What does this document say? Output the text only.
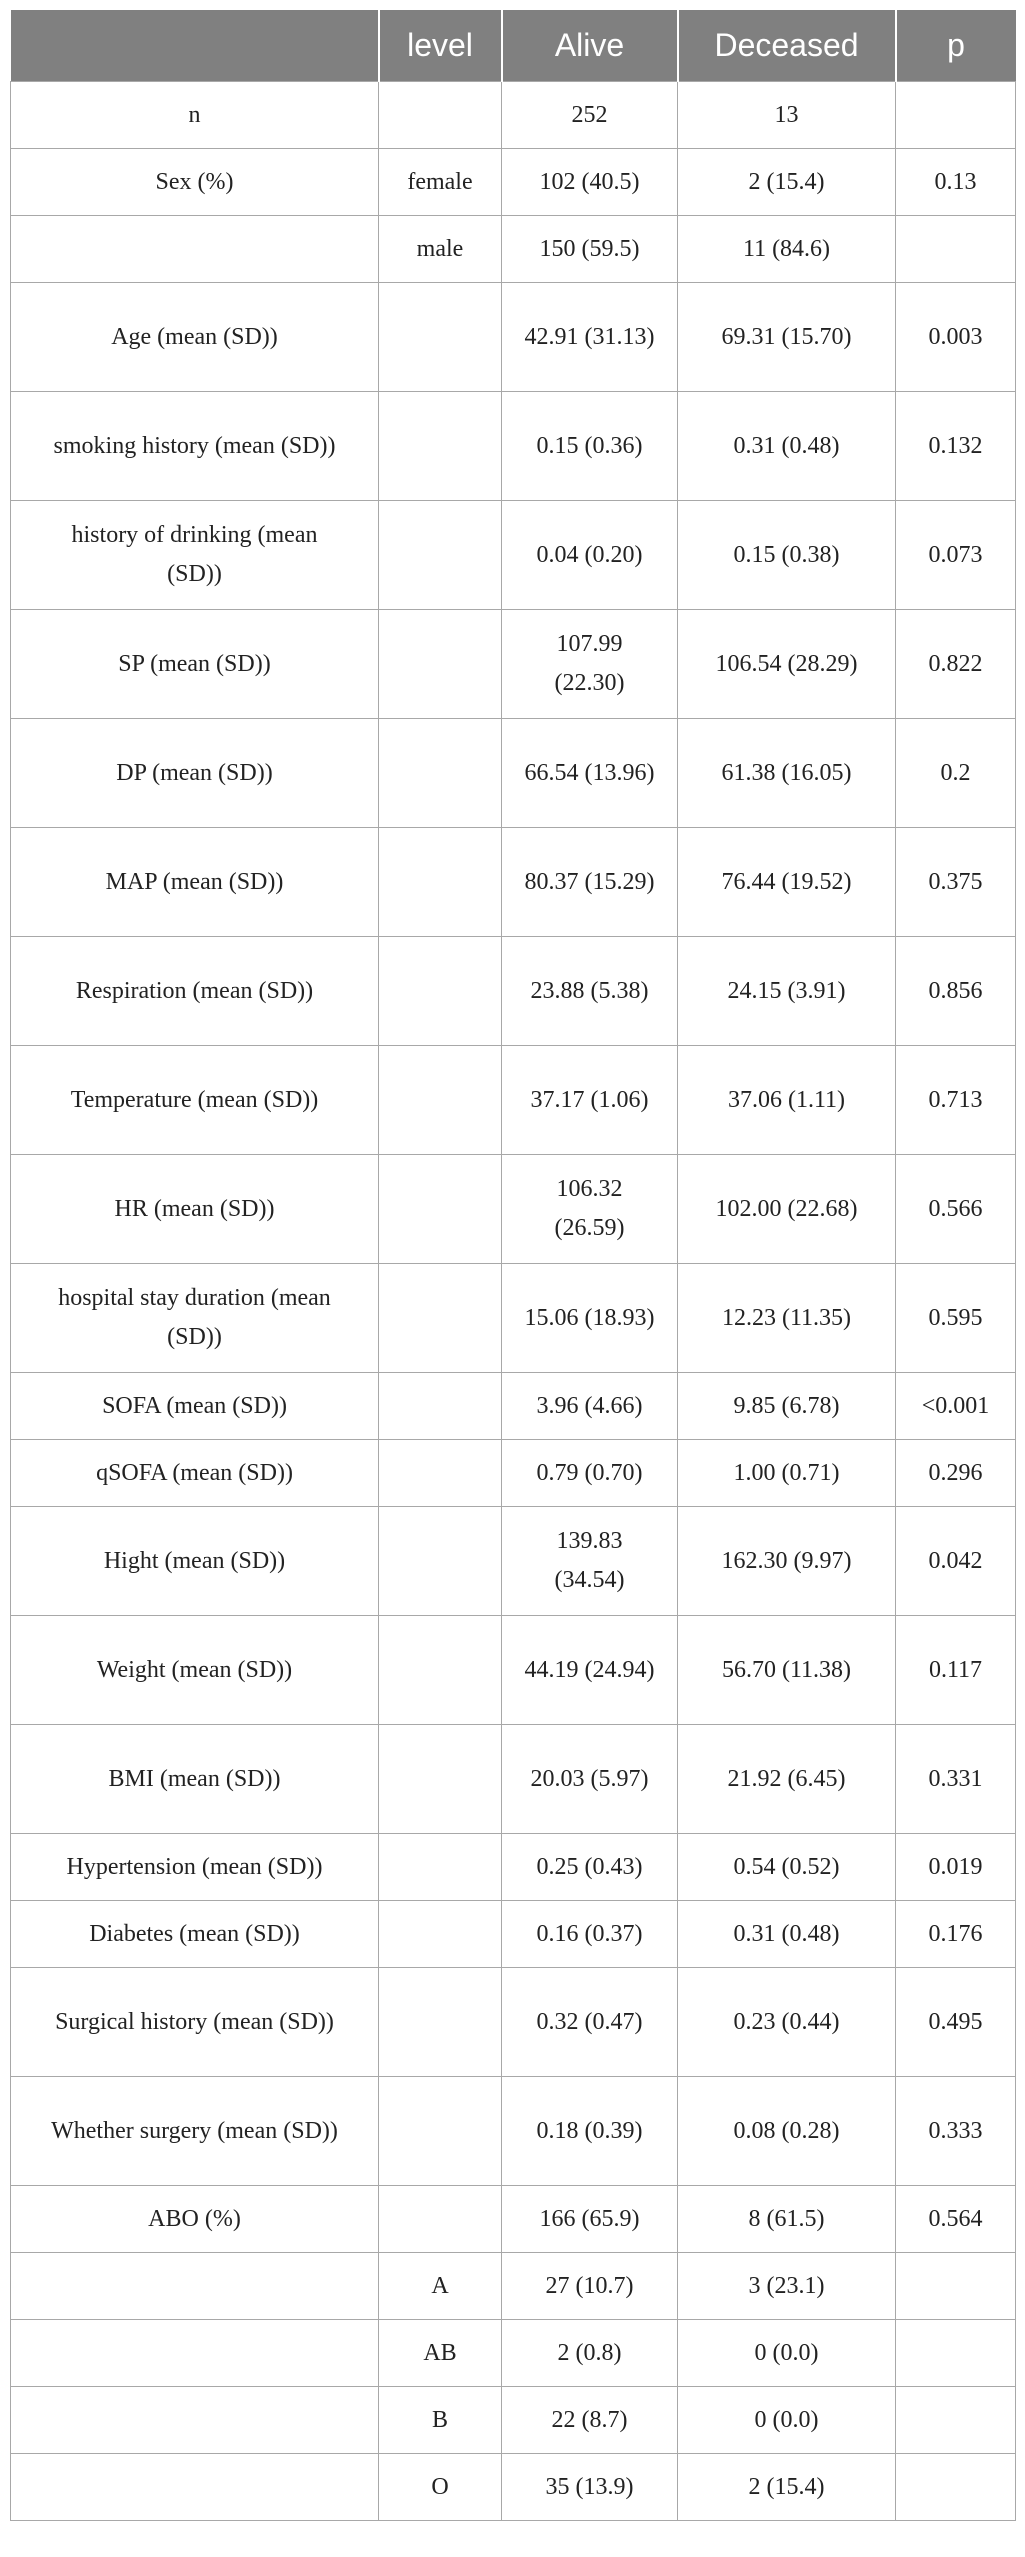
	level	Alive	Deceased	p
n		252	13	
Sex (%)	female	102 (40.5)	2 (15.4)	0.13
	male	150 (59.5)	11 (84.6)	
Age (mean (SD))		42.91 (31.13)	69.31 (15.70)	0.003
smoking history (mean (SD))		0.15 (0.36)	0.31 (0.48)	0.132
history of drinking (mean (SD))		0.04 (0.20)	0.15 (0.38)	0.073
SP (mean (SD))		107.99 (22.30)	106.54 (28.29)	0.822
DP (mean (SD))		66.54 (13.96)	61.38 (16.05)	0.2
MAP (mean (SD))		80.37 (15.29)	76.44 (19.52)	0.375
Respiration (mean (SD))		23.88 (5.38)	24.15 (3.91)	0.856
Temperature (mean (SD))		37.17 (1.06)	37.06 (1.11)	0.713
HR (mean (SD))		106.32 (26.59)	102.00 (22.68)	0.566
hospital stay duration (mean (SD))		15.06 (18.93)	12.23 (11.35)	0.595
SOFA (mean (SD))		3.96 (4.66)	9.85 (6.78)	<0.001
qSOFA (mean (SD))		0.79 (0.70)	1.00 (0.71)	0.296
Hight (mean (SD))		139.83 (34.54)	162.30 (9.97)	0.042
Weight (mean (SD))		44.19 (24.94)	56.70 (11.38)	0.117
BMI (mean (SD))		20.03 (5.97)	21.92 (6.45)	0.331
Hypertension (mean (SD))		0.25 (0.43)	0.54 (0.52)	0.019
Diabetes (mean (SD))		0.16 (0.37)	0.31 (0.48)	0.176
Surgical history (mean (SD))		0.32 (0.47)	0.23 (0.44)	0.495
Whether surgery (mean (SD))		0.18 (0.39)	0.08 (0.28)	0.333
ABO (%)		166 (65.9)	8 (61.5)	0.564
	A	27 (10.7)	3 (23.1)	
	AB	2 (0.8)	0 (0.0)	
	B	22 (8.7)	0 (0.0)	
	O	35 (13.9)	2 (15.4)	
